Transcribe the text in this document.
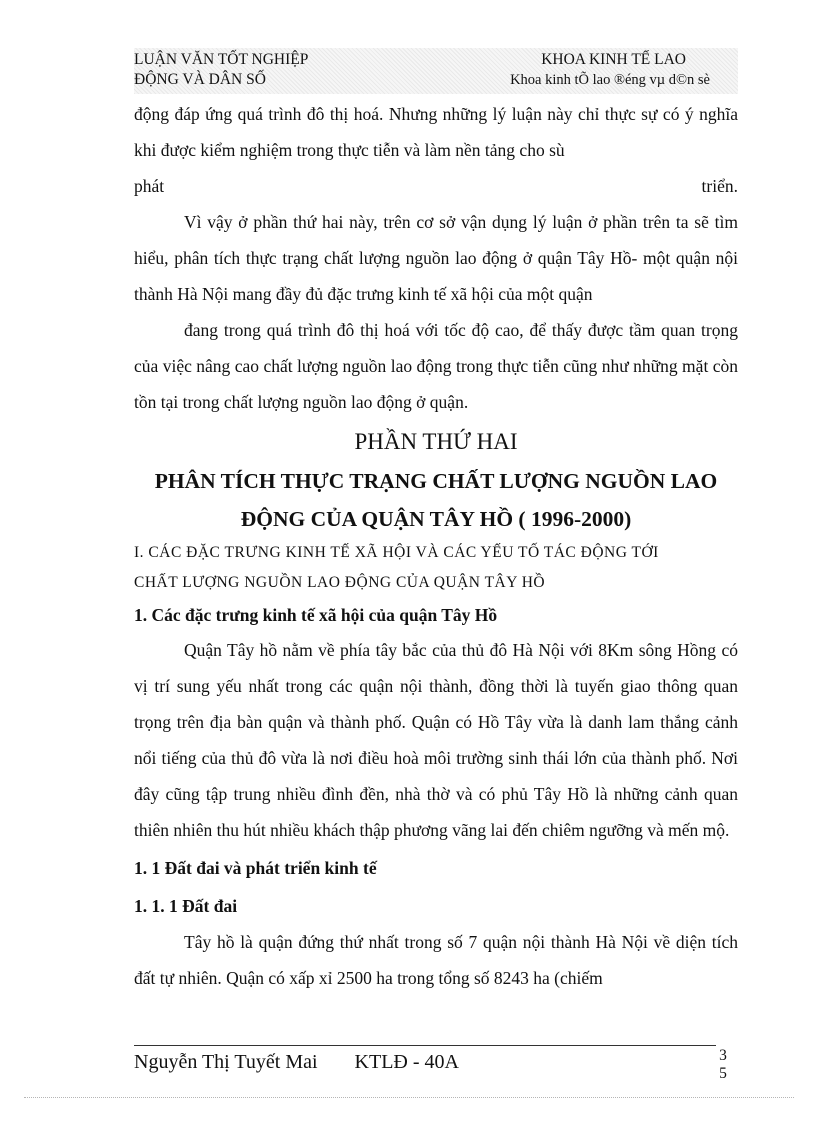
LUẬN VĂN TỐT NGHIỆP
ĐỘNG VÀ DÂN SỐ
KHOA KINH TẾ LAO
Khoa kinh tÕ lao ®éng vµ d©n sè

động đáp ứng quá trình đô thị hoá. Nhưng những lý luận này chỉ thực sự có ý nghĩa khi được kiểm nghiệm trong thực tiễn và làm nền tảng cho sù

phát	triển.

Vì vậy ở phần thứ hai này, trên cơ sở vận dụng lý luận ở phần trên ta sẽ tìm hiểu, phân tích thực trạng chất lượng nguồn lao động ở quận Tây Hồ- một quận nội thành Hà Nội mang đầy đủ đặc trưng kinh tế xã hội của một quận

đang trong quá trình đô thị hoá với tốc độ cao, để thấy được tầm quan trọng của việc nâng cao chất lượng nguồn lao động trong thực tiễn cũng như những mặt còn tồn tại trong chất lượng nguồn lao động ở quận.

PHẦN THỨ HAI
PHÂN TÍCH THỰC TRẠNG CHẤT LƯỢNG NGUỒN LAO
ĐỘNG CỦA QUẬN TÂY HỒ ( 1996-2000)
I. CÁC ĐẶC TRƯNG KINH TẾ XÃ HỘI VÀ CÁC YẾU TỐ TÁC ĐỘNG TỚI
CHẤT LƯỢNG NGUỒN LAO ĐỘNG CỦA QUẬN TÂY HỒ
1. Các đặc trưng kinh tế xã hội của quận Tây Hồ

Quận Tây hồ nằm về phía tây bắc của thủ đô Hà Nội với 8Km sông Hồng có vị trí sung yếu nhất trong các quận nội thành, đồng thời là tuyến giao thông quan trọng trên địa bàn quận và thành phố. Quận có Hồ Tây vừa là danh lam thắng cảnh nổi tiếng của thủ đô vừa là nơi điều hoà môi trường sinh thái lớn của thành phố. Nơi đây cũng tập trung nhiều đình đền, nhà thờ và có phủ Tây Hồ là những cảnh quan thiên nhiên thu hút nhiều khách thập phương vãng lai đến chiêm ngưỡng và mến mộ.

1. 1 Đất đai và phát triển kinh tế
1. 1. 1 Đất đai

Tây hồ là quận đứng thứ nhất trong số 7 quận nội thành Hà Nội về diện tích đất tự nhiên. Quận có xấp xỉ 2500 ha trong tổng số 8243 ha (chiếm

Nguyễn Thị Tuyết Mai KTLĐ - 40A	3
5
